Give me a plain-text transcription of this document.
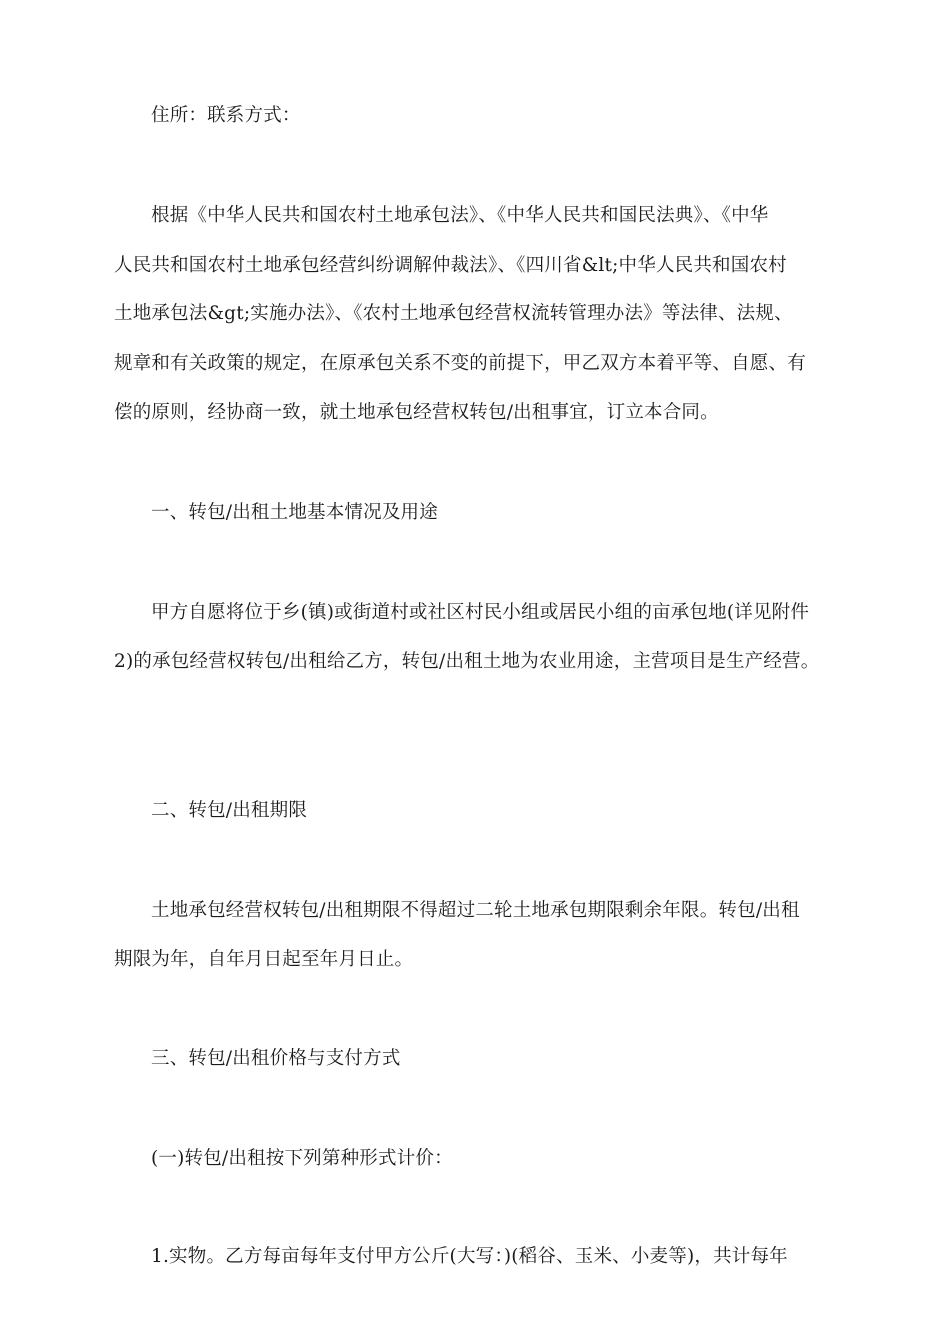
住所：联系方式：
根据《中华人民共和国农村土地承包法》、《中华人民共和国民法典》、《中华
人民共和国农村土地承包经营纠纷调解仲裁法》、《四川省&lt;中华人民共和国农村
土地承包法&gt;实施办法》、《农村土地承包经营权流转管理办法》等法律、法规、
规章和有关政策的规定，在原承包关系不变的前提下，甲乙双方本着平等、自愿、有
偿的原则，经协商一致，就土地承包经营权转包/出租事宜，订立本合同。
一、转包/出租土地基本情况及用途
甲方自愿将位于乡(镇)或街道村或社区村民小组或居民小组的亩承包地(详见附件
2)的承包经营权转包/出租给乙方，转包/出租土地为农业用途，主营项目是生产经营。
二、转包/出租期限
土地承包经营权转包/出租期限不得超过二轮土地承包期限剩余年限。转包/出租
期限为年，自年月日起至年月日止。
三、转包/出租价格与支付方式
(一)转包/出租按下列第种形式计价：
1.实物。乙方每亩每年支付甲方公斤(大写：)(稻谷、玉米、小麦等)，共计每年
